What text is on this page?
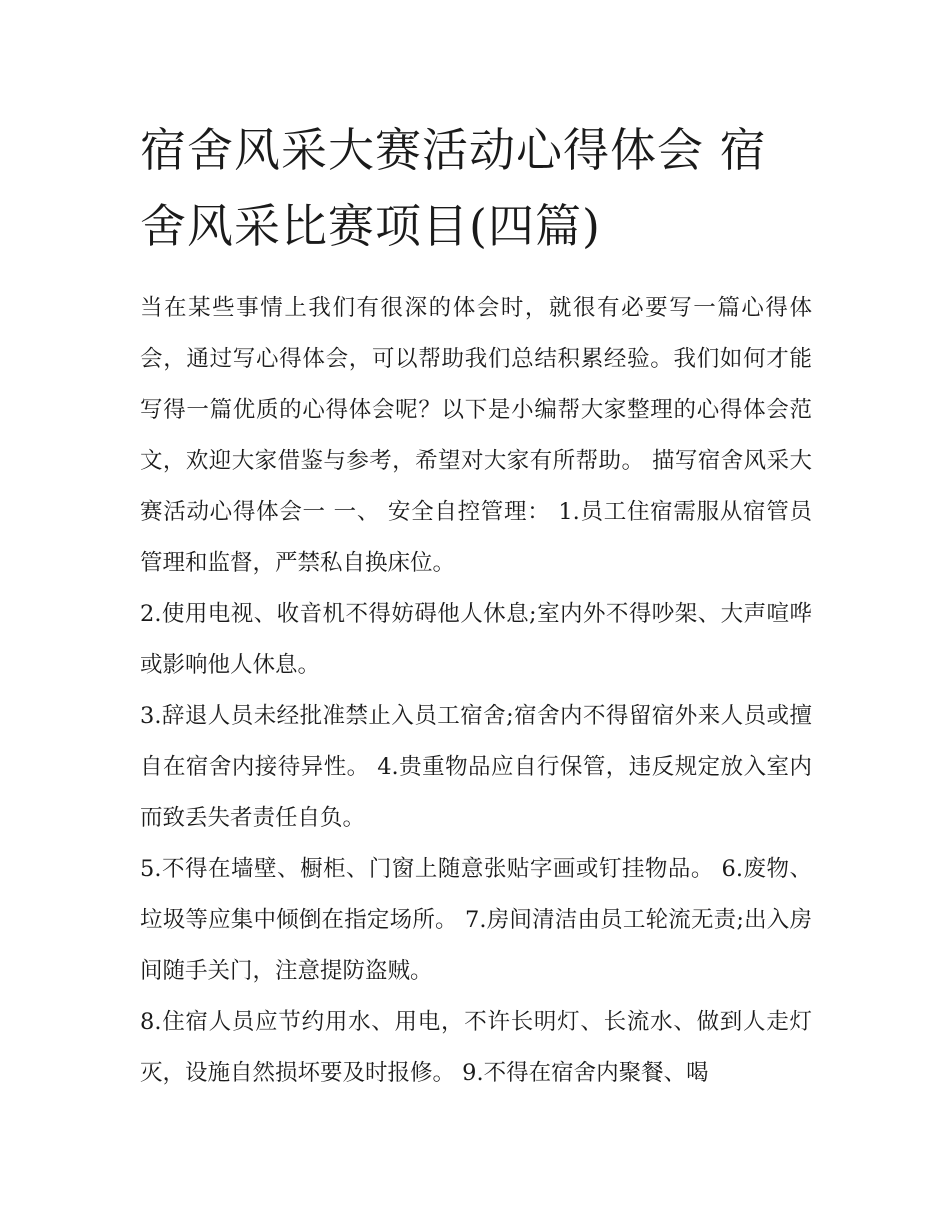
宿舍风采大赛活动心得体会 宿舍风采比赛项目(四篇)

当在某些事情上我们有很深的体会时，就很有必要写一篇心得体会，通过写心得体会，可以帮助我们总结积累经验。我们如何才能写得一篇优质的心得体会呢？以下是小编帮大家整理的心得体会范文，欢迎大家借鉴与参考，希望对大家有所帮助。 描写宿舍风采大赛活动心得体会一 一、 安全自控管理： 1.员工住宿需服从宿管员管理和监督，严禁私自换床位。

2.使用电视、收音机不得妨碍他人休息;室内外不得吵架、大声喧哗或影响他人休息。

3.辞退人员未经批准禁止入员工宿舍;宿舍内不得留宿外来人员或擅自在宿舍内接待异性。 4.贵重物品应自行保管，违反规定放入室内而致丢失者责任自负。

5.不得在墙壁、橱柜、门窗上随意张贴字画或钉挂物品。 6.废物、垃圾等应集中倾倒在指定场所。 7.房间清洁由员工轮流无责;出入房间随手关门，注意提防盗贼。

8.住宿人员应节约用水、用电，不许长明灯、长流水、做到人走灯灭，设施自然损坏要及时报修。 9.不得在宿舍内聚餐、喝
